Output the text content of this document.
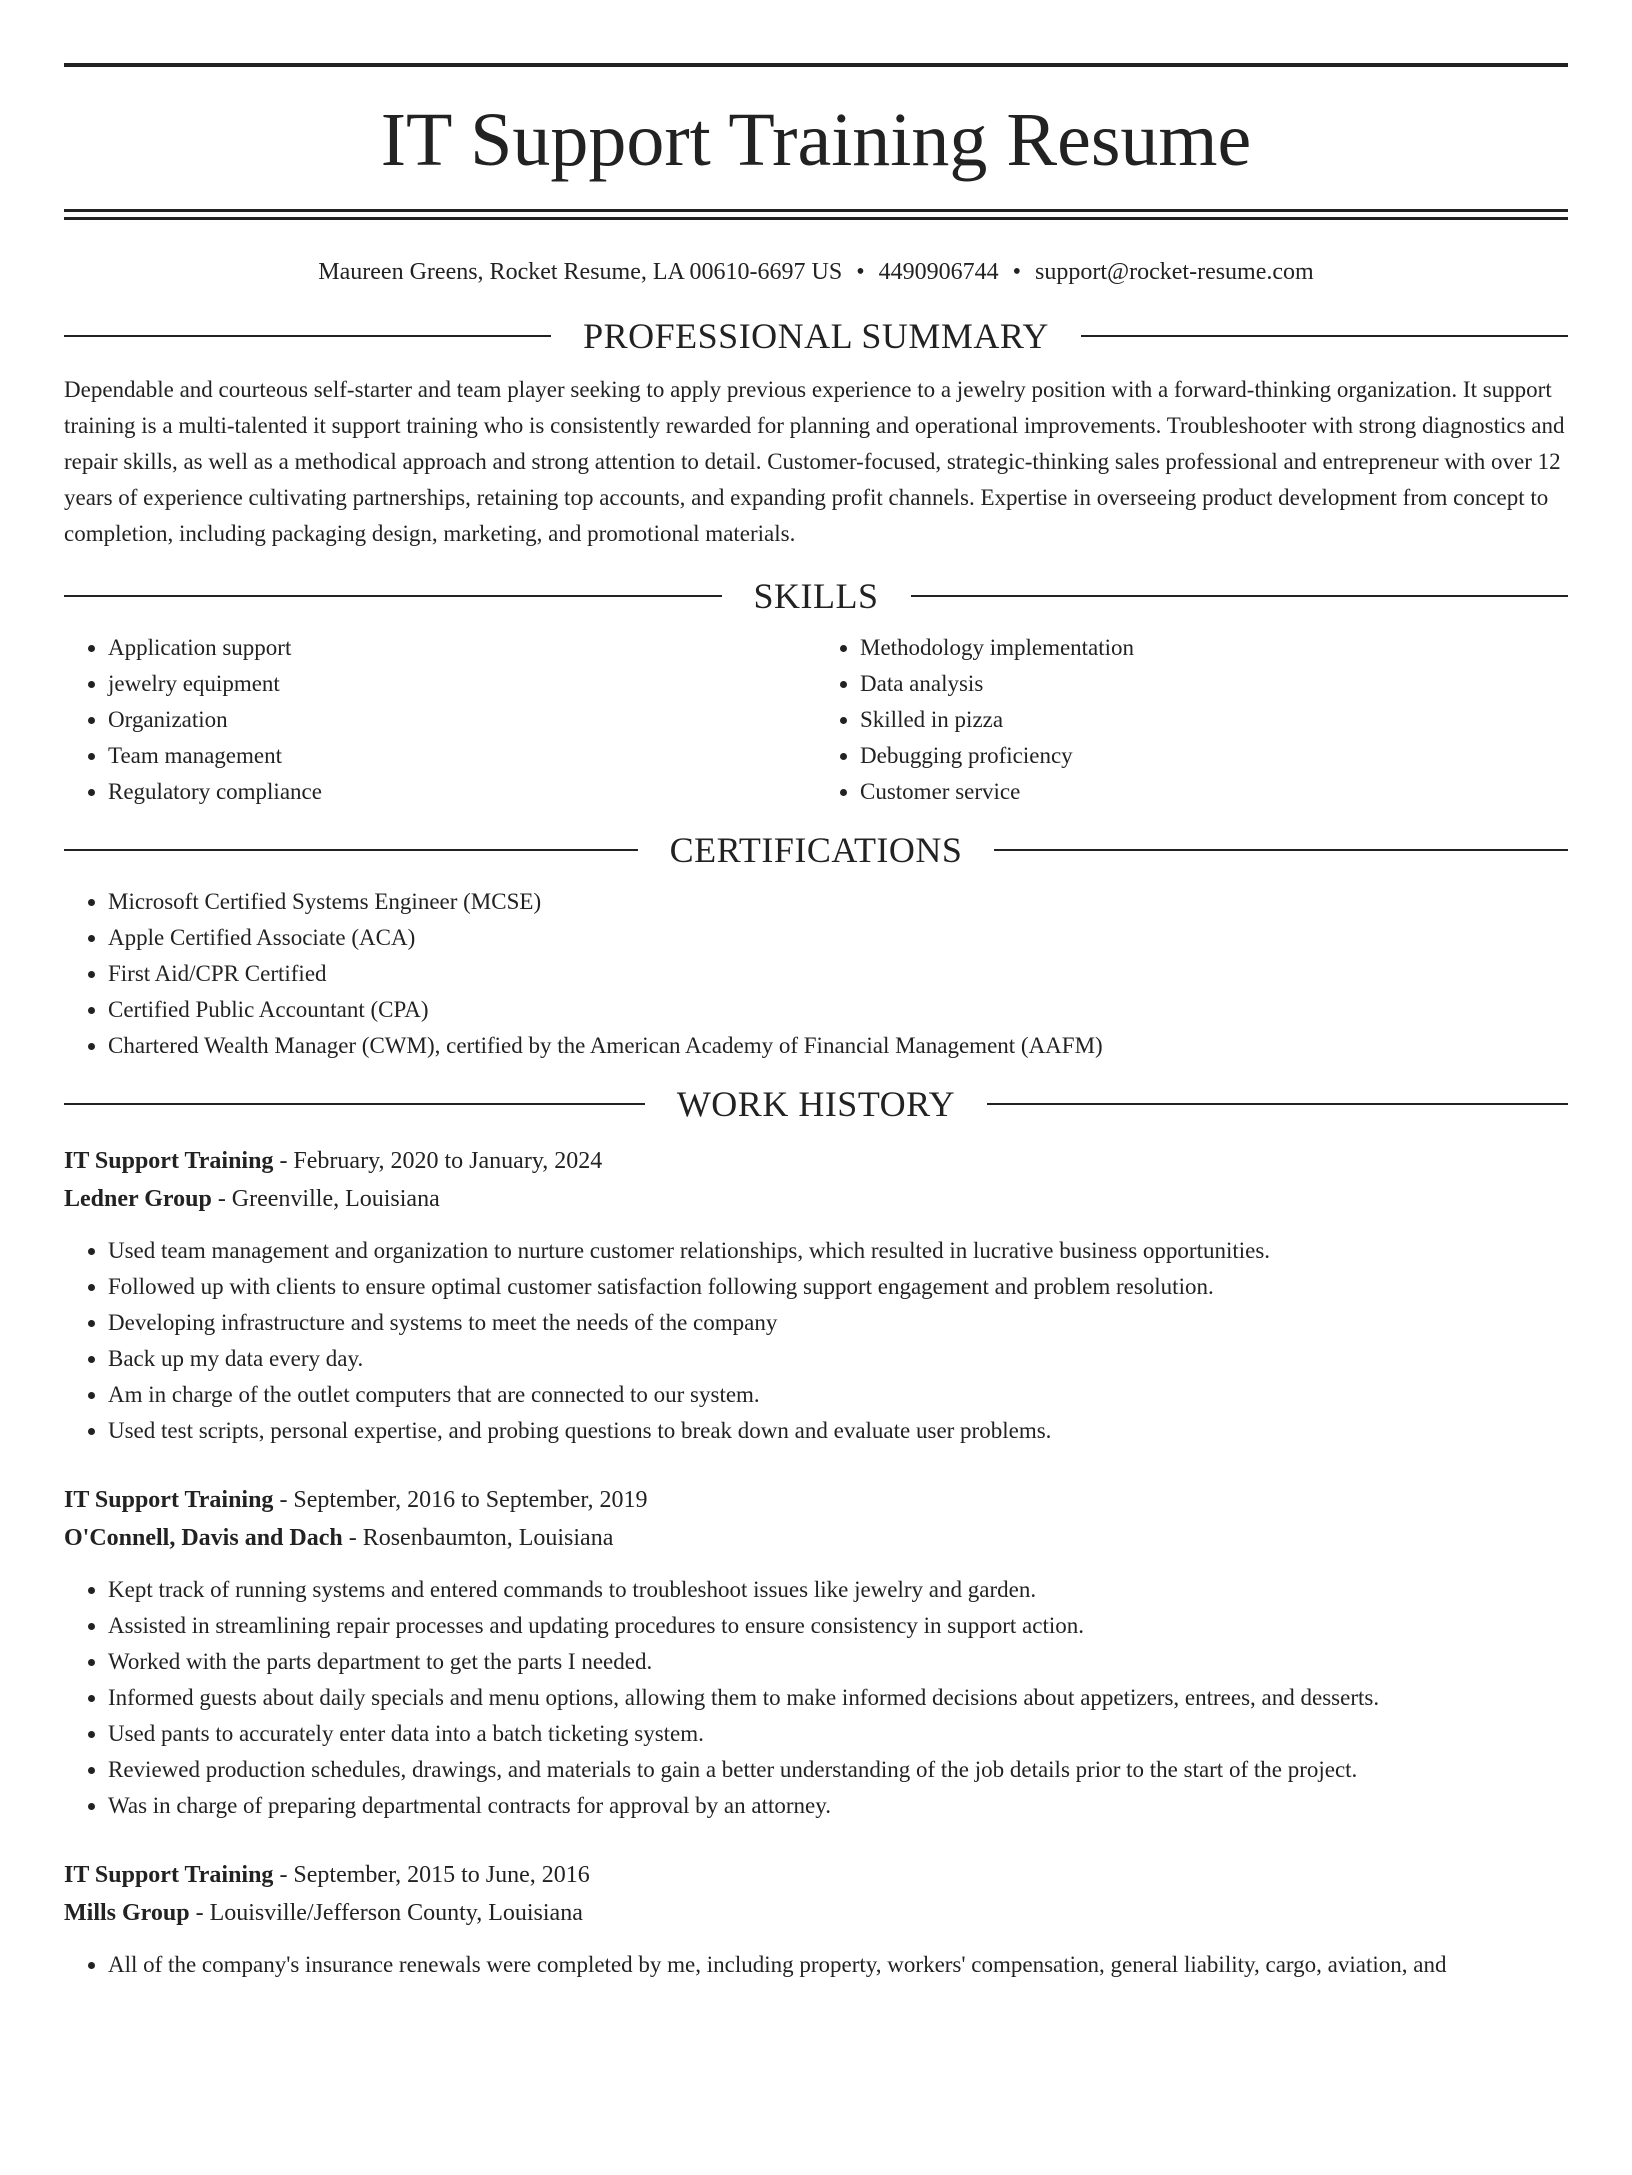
IT Support Training Resume
Maureen Greens, Rocket Resume, LA 00610-6697 US • 4490906744 • support@rocket-resume.com
PROFESSIONAL SUMMARY

Dependable and courteous self-starter and team player seeking to apply previous experience to a jewelry position with a forward-thinking organization. It support training is a multi-talented it support training who is consistently rewarded for planning and operational improvements. Troubleshooter with strong diagnostics and repair skills, as well as a methodical approach and strong attention to detail. Customer-focused, strategic-thinking sales professional and entrepreneur with over 12 years of experience cultivating partnerships, retaining top accounts, and expanding profit channels. Expertise in overseeing product development from concept to completion, including packaging design, marketing, and promotional materials.

SKILLS
• Application support
• jewelry equipment
• Organization
• Team management
• Regulatory compliance
• Methodology implementation
• Data analysis
• Skilled in pizza
• Debugging proficiency
• Customer service
CERTIFICATIONS
• Microsoft Certified Systems Engineer (MCSE)
• Apple Certified Associate (ACA)
• First Aid/CPR Certified
• Certified Public Accountant (CPA)
• Chartered Wealth Manager (CWM), certified by the American Academy of Financial Management (AAFM)
WORK HISTORY
IT Support Training - February, 2020 to January, 2024
Ledner Group - Greenville, Louisiana
• Used team management and organization to nurture customer relationships, which resulted in lucrative business opportunities.
• Followed up with clients to ensure optimal customer satisfaction following support engagement and problem resolution.
• Developing infrastructure and systems to meet the needs of the company
• Back up my data every day.
• Am in charge of the outlet computers that are connected to our system.
• Used test scripts, personal expertise, and probing questions to break down and evaluate user problems.
IT Support Training - September, 2016 to September, 2019
O'Connell, Davis and Dach - Rosenbaumton, Louisiana
• Kept track of running systems and entered commands to troubleshoot issues like jewelry and garden.
• Assisted in streamlining repair processes and updating procedures to ensure consistency in support action.
• Worked with the parts department to get the parts I needed.
• Informed guests about daily specials and menu options, allowing them to make informed decisions about appetizers, entrees, and desserts.
• Used pants to accurately enter data into a batch ticketing system.
• Reviewed production schedules, drawings, and materials to gain a better understanding of the job details prior to the start of the project.
• Was in charge of preparing departmental contracts for approval by an attorney.
IT Support Training - September, 2015 to June, 2016
Mills Group - Louisville/Jefferson County, Louisiana
• All of the company's insurance renewals were completed by me, including property, workers' compensation, general liability, cargo, aviation, and
